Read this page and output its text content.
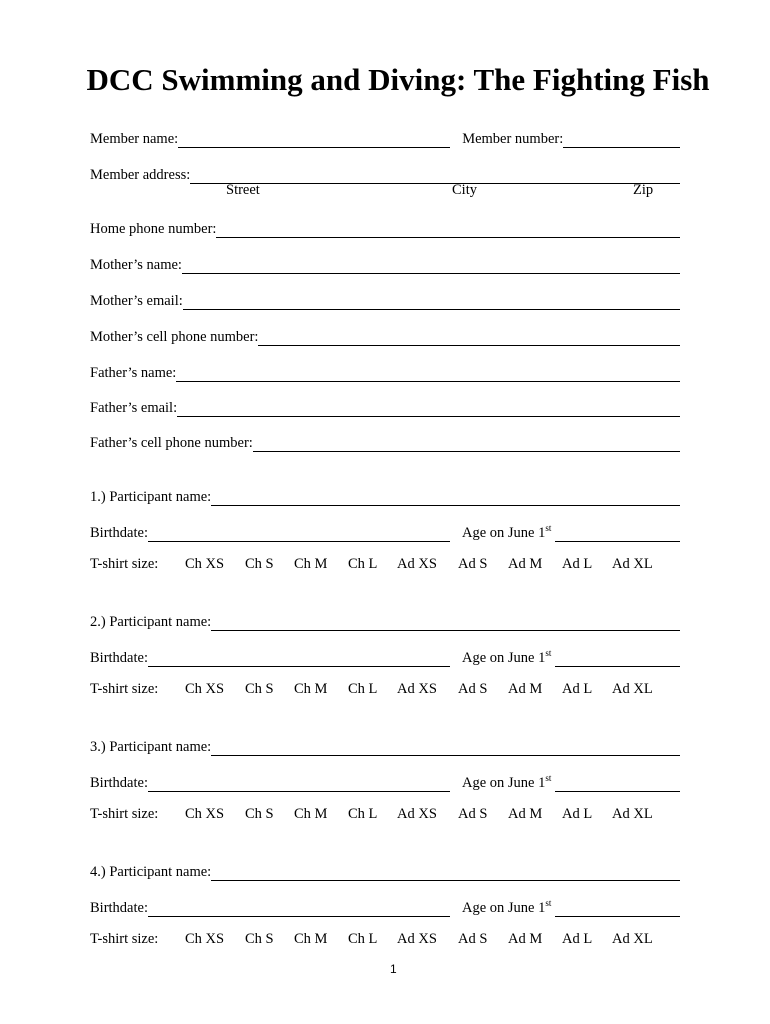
DCC Swimming and Diving: The Fighting Fish
Member name:	Member number:
Member address:
Street	City	Zip
Home phone number:
Mother’s name:
Mother’s email:
Mother’s cell phone number:
Father’s name:
Father’s email:
Father’s cell phone number:
1.) Participant name:
Birthdate:	Age on June 1st
T-shirt size: Ch XS Ch S Ch M Ch L Ad XS Ad S Ad M Ad L Ad XL
2.) Participant name:
Birthdate:	Age on June 1st
T-shirt size: Ch XS Ch S Ch M Ch L Ad XS Ad S Ad M Ad L Ad XL
3.) Participant name:
Birthdate:	Age on June 1st
T-shirt size: Ch XS Ch S Ch M Ch L Ad XS Ad S Ad M Ad L Ad XL
4.) Participant name:
Birthdate:	Age on June 1st
T-shirt size: Ch XS Ch S Ch M Ch L Ad XS Ad S Ad M Ad L Ad XL
1
